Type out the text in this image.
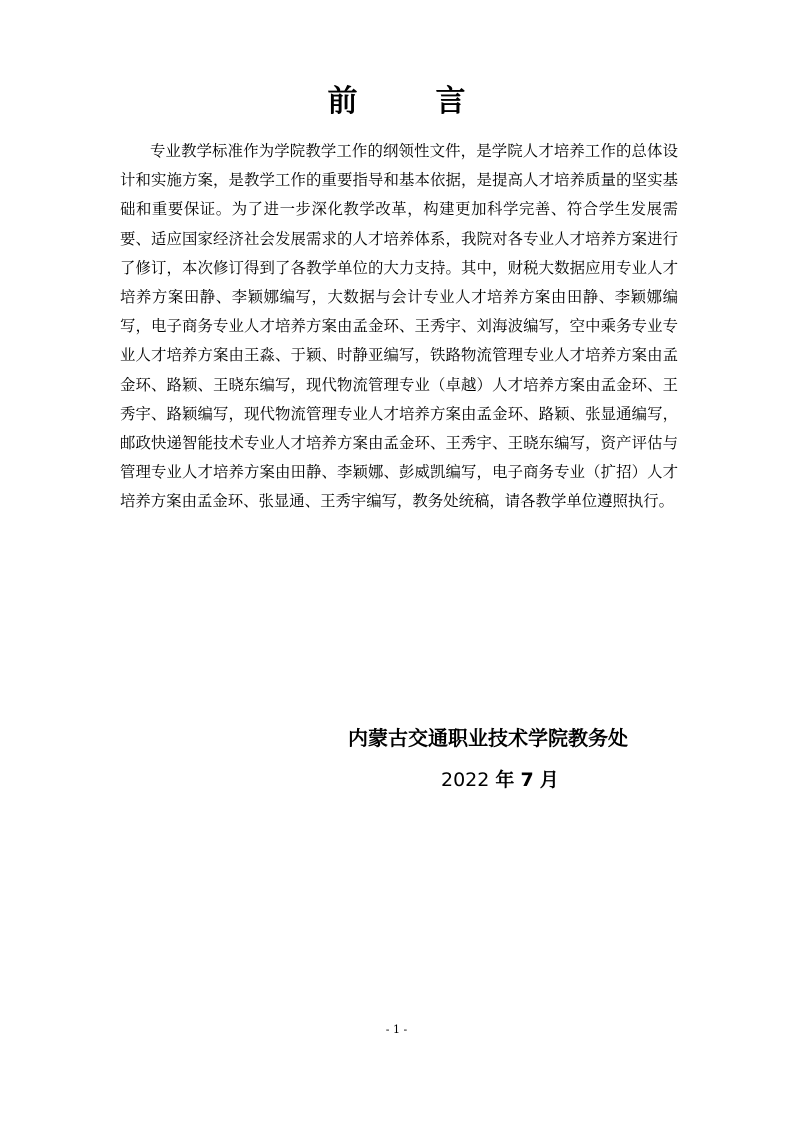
前	言

专业教学标准作为学院教学工作的纲领性文件，是学院人才培养工作的总体设计和实施方案，是教学工作的重要指导和基本依据，是提高人才培养质量的坚实基础和重要保证。为了进一步深化教学改革，构建更加科学完善、符合学生发展需要、适应国家经济社会发展需求的人才培养体系，我院对各专业人才培养方案进行了修订，本次修订得到了各教学单位的大力支持。其中，财税大数据应用专业人才培养方案田静、李颖娜编写，大数据与会计专业人才培养方案由田静、李颖娜编写，电子商务专业人才培养方案由孟金环、王秀宇、刘海波编写，空中乘务专业专业人才培养方案由王淼、于颖、时静亚编写，铁路物流管理专业人才培养方案由孟金环、路颖、王晓东编写，现代物流管理专业（卓越）人才培养方案由孟金环、王秀宇、路颖编写，现代物流管理专业人才培养方案由孟金环、路颖、张显通编写，邮政快递智能技术专业人才培养方案由孟金环、王秀宇、王晓东编写，资产评估与管理专业人才培养方案由田静、李颖娜、彭威凯编写，电子商务专业（扩招）人才培养方案由孟金环、张显通、王秀宇编写，教务处统稿，请各教学单位遵照执行。

内蒙古交通职业技术学院教务处
2022 年 7 月
- 1 -
